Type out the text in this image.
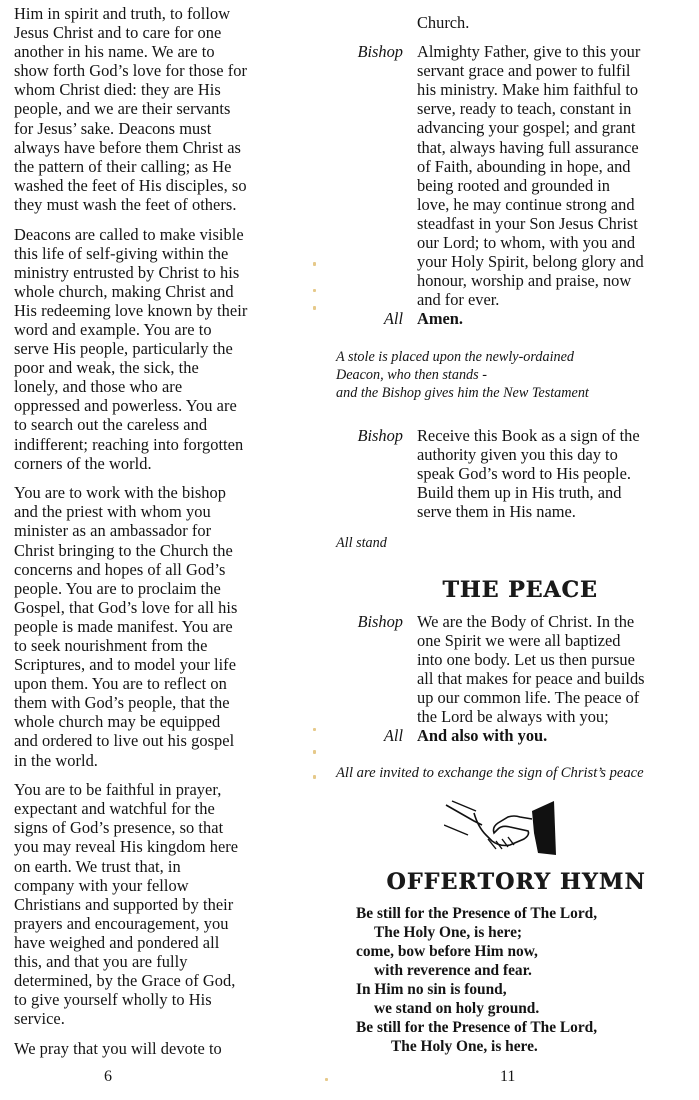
Him in spirit and truth, to follow
Jesus Christ and to care for one
another in his name. We are to
show forth God’s love for those for
whom Christ died: they are His
people, and we are their servants
for Jesus’ sake. Deacons must
always have before them Christ as
the pattern of their calling; as He
washed the feet of His disciples, so
they must wash the feet of others.

Deacons are called to make visible
this life of self-giving within the
ministry entrusted by Christ to his
whole church, making Christ and
His redeeming love known by their
word and example. You are to
serve His people, particularly the
poor and weak, the sick, the
lonely, and those who are
oppressed and powerless. You are
to search out the careless and
indifferent; reaching into forgotten
corners of the world.

You are to work with the bishop
and the priest with whom you
minister as an ambassador for
Christ bringing to the Church the
concerns and hopes of all God’s
people. You are to proclaim the
Gospel, that God’s love for all his
people is made manifest. You are
to seek nourishment from the
Scriptures, and to model your life
upon them. You are to reflect on
them with God’s people, that the
whole church may be equipped
and ordered to live out his gospel
in the world.

You are to be faithful in prayer,
expectant and watchful for the
signs of God’s presence, so that
you may reveal His kingdom here
on earth. We trust that, in
company with your fellow
Christians and supported by their
prayers and encouragement, you
have weighed and pondered all
this, and that you are fully
determined, by the Grace of God,
to give yourself wholly to His
service.

We pray that you will devote to

6
Church.
Bishop Almighty Father, give to this your
servant grace and power to fulfil
his ministry. Make him faithful to
serve, ready to teach, constant in
advancing your gospel; and grant
that, always having full assurance
of Faith, abounding in hope, and
being rooted and grounded in
love, he may continue strong and
steadfast in your Son Jesus Christ
our Lord; to whom, with you and
your Holy Spirit, belong glory and
honour, worship and praise, now
and for ever.
All Amen.
A stole is placed upon the newly-ordained
Deacon, who then stands -
and the Bishop gives him the New Testament
Bishop Receive this Book as a sign of the
authority given you this day to
speak God’s word to His people.
Build them up in His truth, and
serve them in His name.
All stand
THE PEACE
Bishop We are the Body of Christ. In the
one Spirit we were all baptized
into one body. Let us then pursue
all that makes for peace and builds
up our common life. The peace of
the Lord be always with you;
All And also with you.
All are invited to exchange the sign of Christ’s peace
OFFERTORY HYMN
Be still for the Presence of The Lord,
The Holy One, is here;
come, bow before Him now,
with reverence and fear.
In Him no sin is found,
we stand on holy ground.
Be still for the Presence of The Lord,
The Holy One, is here.
11
